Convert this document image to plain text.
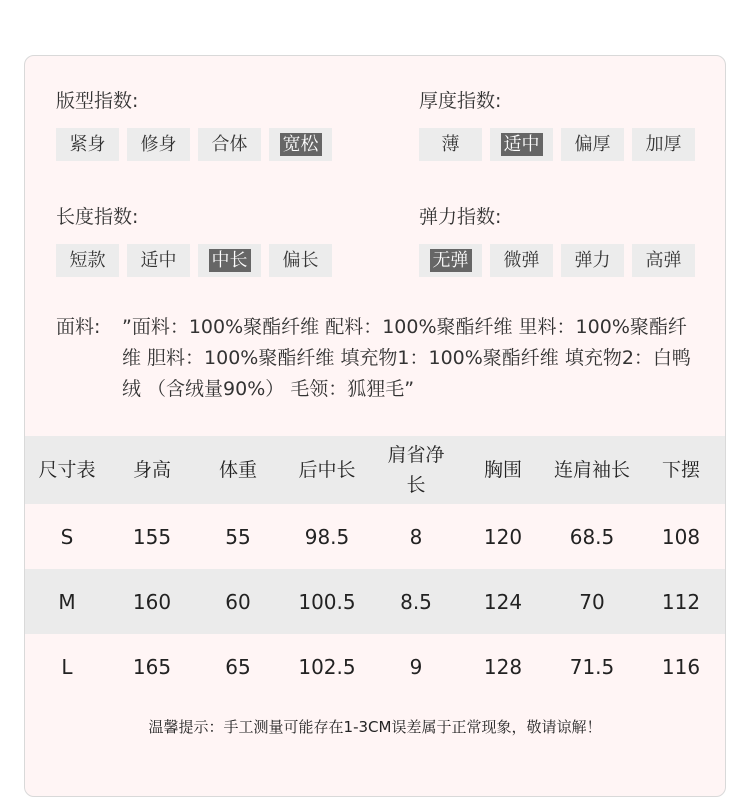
版型指数:
紧身	修身	合体	宽松
厚度指数:
薄	适中	偏厚	加厚
长度指数:
短款	适中	中长	偏长
弹力指数:
无弹	微弹	弹力	高弹
面料: ”面料：100%聚酯纤维 配料：100%聚酯纤维 里料：100%聚酯纤维 胆料：100%聚酯纤维 填充物1：100%聚酯纤维 填充物2：白鸭绒 （含绒量90%） 毛领：狐狸毛”
尺寸表	身高	体重	后中长	肩省净长	胸围	连肩袖长	下摆
S	155	55	98.5	8	120	68.5	108
M	160	60	100.5	8.5	124	70	112
L	165	65	102.5	9	128	71.5	116
温馨提示：手工测量可能存在1-3CM误差属于正常现象，敬请谅解！
